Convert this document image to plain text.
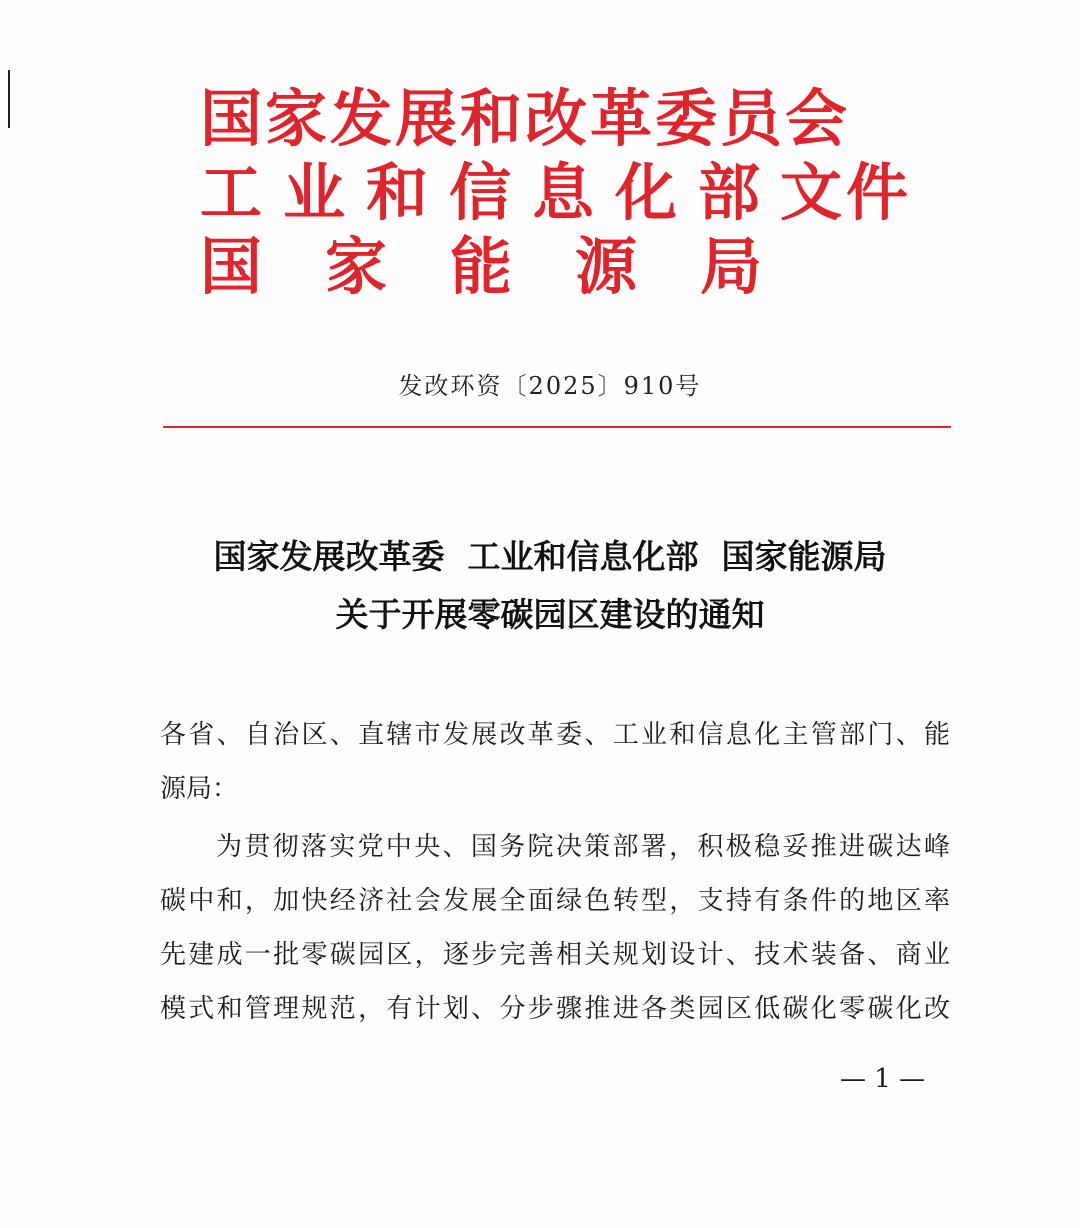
国家发展和改革委员会
工业和信息化部
文件
国家能源局
发改环资〔2025〕910号
国家发展改革委  工业和信息化部  国家能源局
关于开展零碳园区建设的通知
各省、自治区、直辖市发展改革委、工业和信息化主管部门、能
源局：
为贯彻落实党中央、国务院决策部署，积极稳妥推进碳达峰
碳中和，加快经济社会发展全面绿色转型，支持有条件的地区率
先建成一批零碳园区，逐步完善相关规划设计、技术装备、商业
模式和管理规范，有计划、分步骤推进各类园区低碳化零碳化改
— 1 —
